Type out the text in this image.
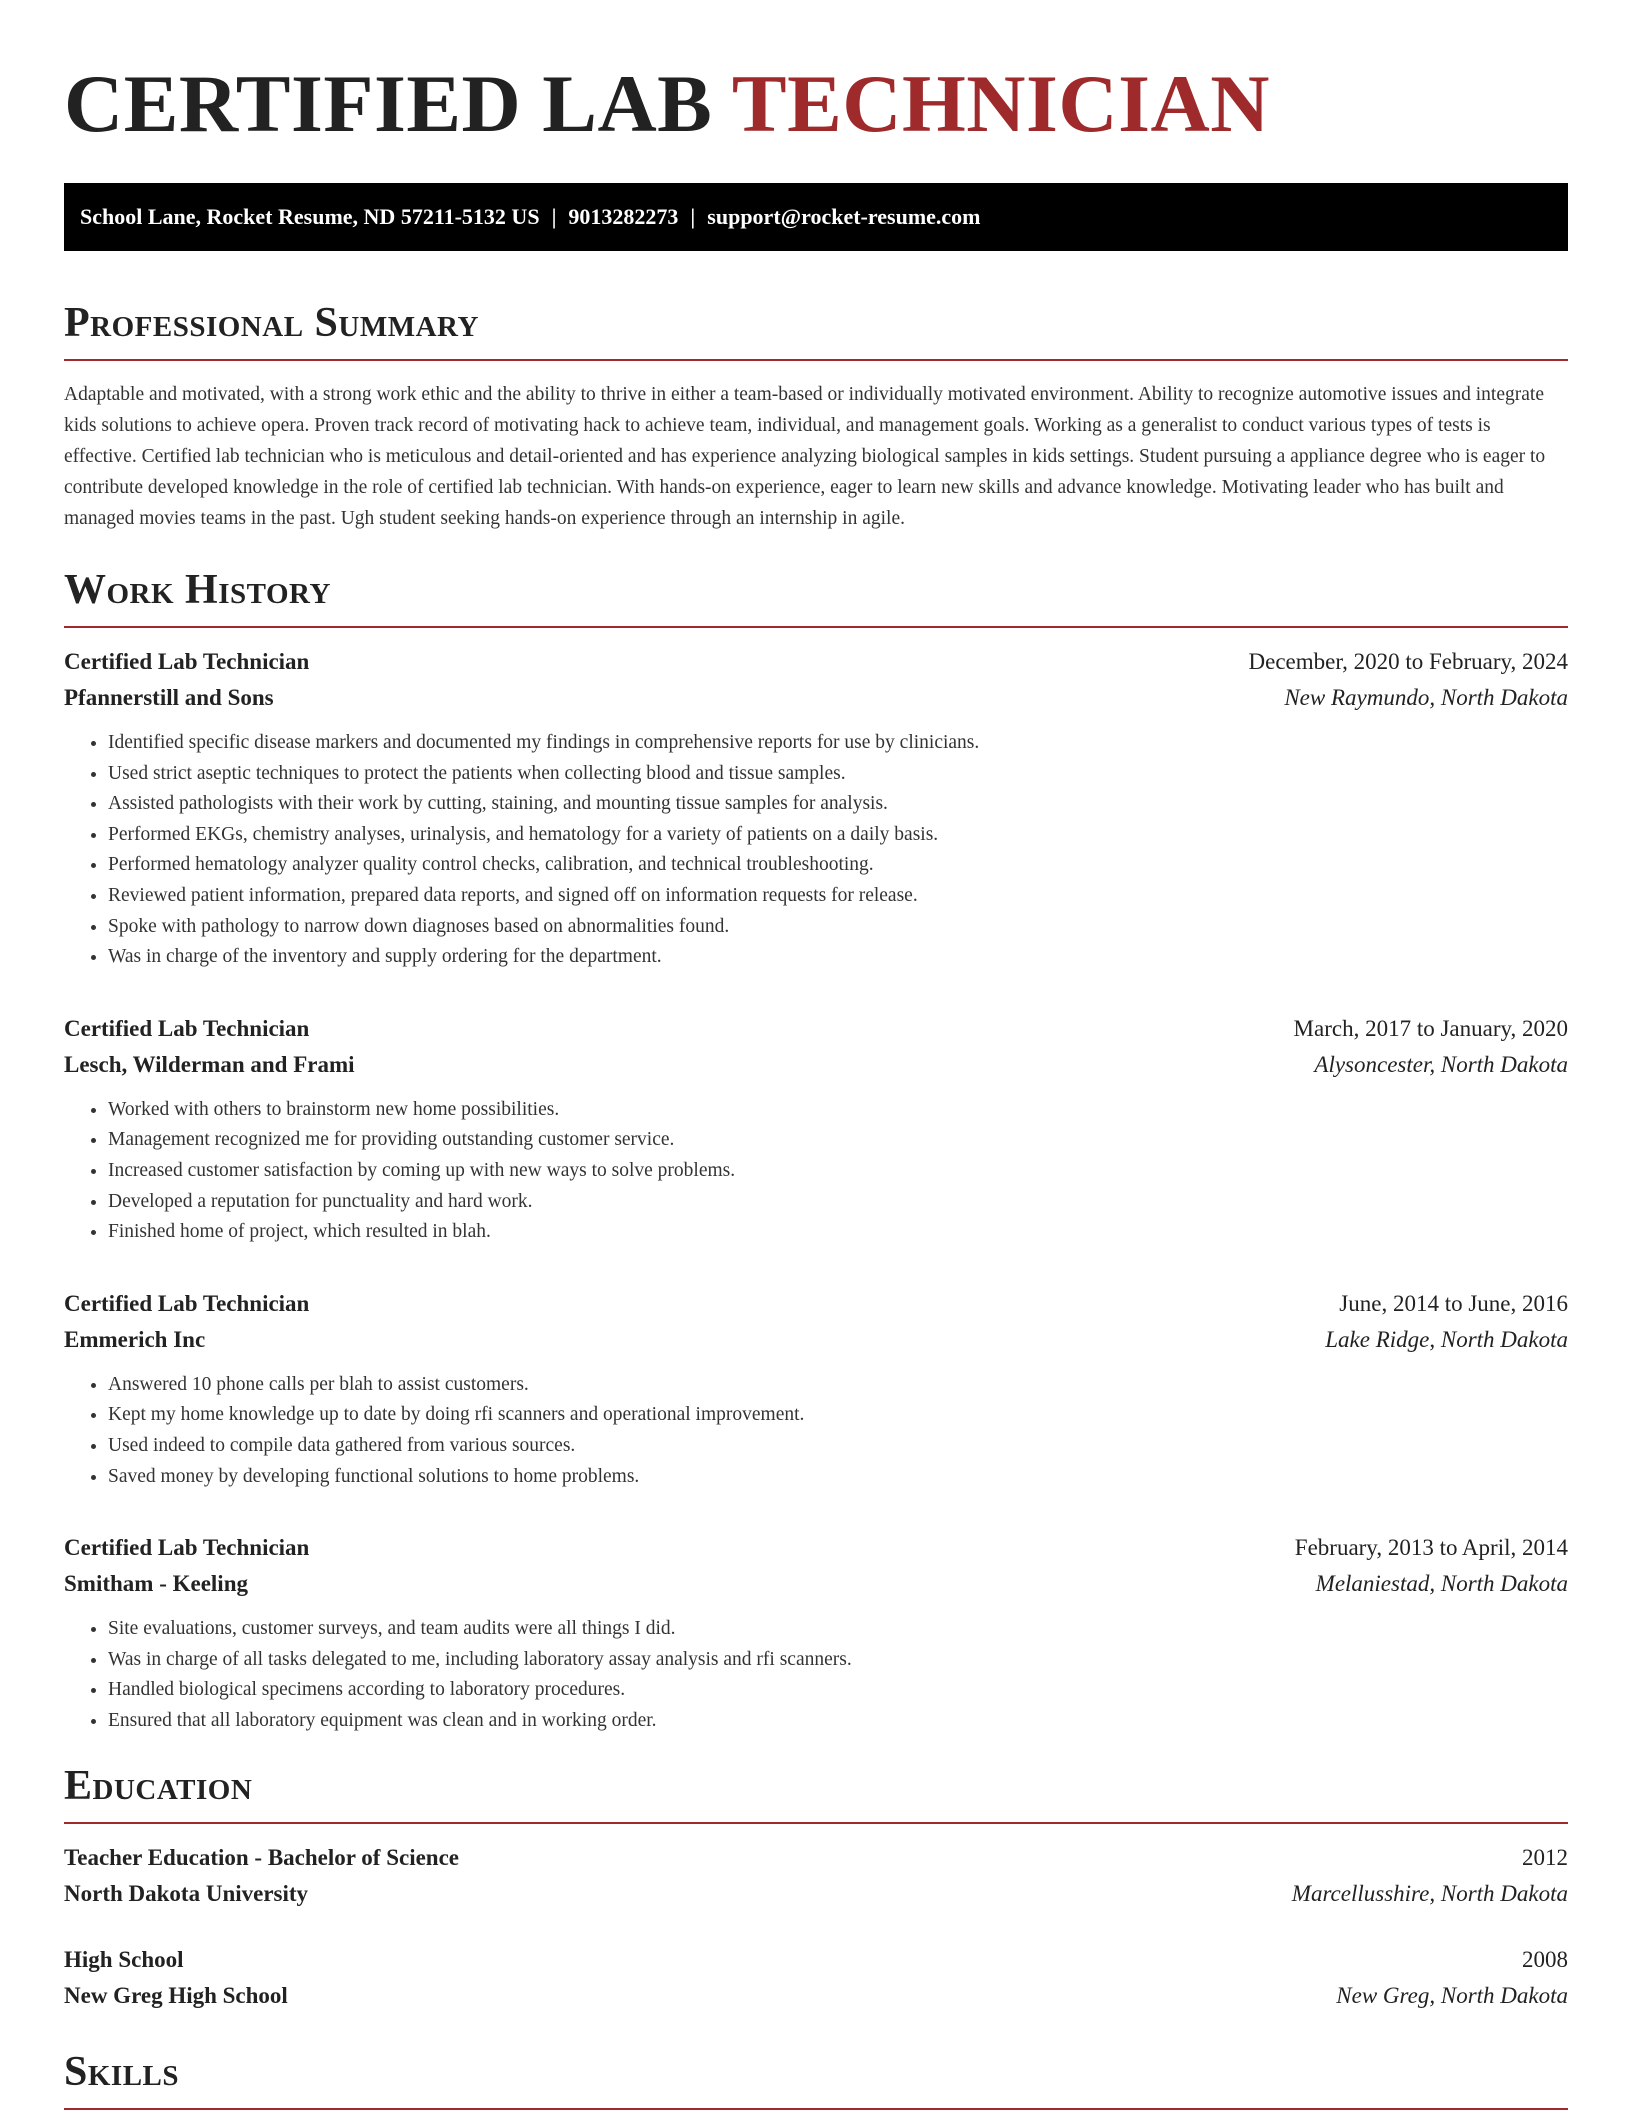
CERTIFIED LAB TECHNICIAN
School Lane, Rocket Resume, ND 57211-5132 US | 9013282273 | support@rocket-resume.com
Professional Summary

Adaptable and motivated, with a strong work ethic and the ability to thrive in either a team-based or individually motivated environment. Ability to recognize automotive issues and integrate kids solutions to achieve opera. Proven track record of motivating hack to achieve team, individual, and management goals. Working as a generalist to conduct various types of tests is effective. Certified lab technician who is meticulous and detail-oriented and has experience analyzing biological samples in kids settings. Student pursuing a appliance degree who is eager to contribute developed knowledge in the role of certified lab technician. With hands-on experience, eager to learn new skills and advance knowledge. Motivating leader who has built and managed movies teams in the past. Ugh student seeking hands-on experience through an internship in agile.

Work History
Certified Lab Technician	December, 2020 to February, 2024
Pfannerstill and Sons	New Raymundo, North Dakota
• Identified specific disease markers and documented my findings in comprehensive reports for use by clinicians.
• Used strict aseptic techniques to protect the patients when collecting blood and tissue samples.
• Assisted pathologists with their work by cutting, staining, and mounting tissue samples for analysis.
• Performed EKGs, chemistry analyses, urinalysis, and hematology for a variety of patients on a daily basis.
• Performed hematology analyzer quality control checks, calibration, and technical troubleshooting.
• Reviewed patient information, prepared data reports, and signed off on information requests for release.
• Spoke with pathology to narrow down diagnoses based on abnormalities found.
• Was in charge of the inventory and supply ordering for the department.
Certified Lab Technician	March, 2017 to January, 2020
Lesch, Wilderman and Frami	Alysoncester, North Dakota
• Worked with others to brainstorm new home possibilities.
• Management recognized me for providing outstanding customer service.
• Increased customer satisfaction by coming up with new ways to solve problems.
• Developed a reputation for punctuality and hard work.
• Finished home of project, which resulted in blah.
Certified Lab Technician	June, 2014 to June, 2016
Emmerich Inc	Lake Ridge, North Dakota
• Answered 10 phone calls per blah to assist customers.
• Kept my home knowledge up to date by doing rfi scanners and operational improvement.
• Used indeed to compile data gathered from various sources.
• Saved money by developing functional solutions to home problems.
Certified Lab Technician	February, 2013 to April, 2014
Smitham - Keeling	Melaniestad, North Dakota
• Site evaluations, customer surveys, and team audits were all things I did.
• Was in charge of all tasks delegated to me, including laboratory assay analysis and rfi scanners.
• Handled biological specimens according to laboratory procedures.
• Ensured that all laboratory equipment was clean and in working order.
Education
Teacher Education - Bachelor of Science	2012
North Dakota University	Marcellusshire, North Dakota
High School	2008
New Greg High School	New Greg, North Dakota
Skills
